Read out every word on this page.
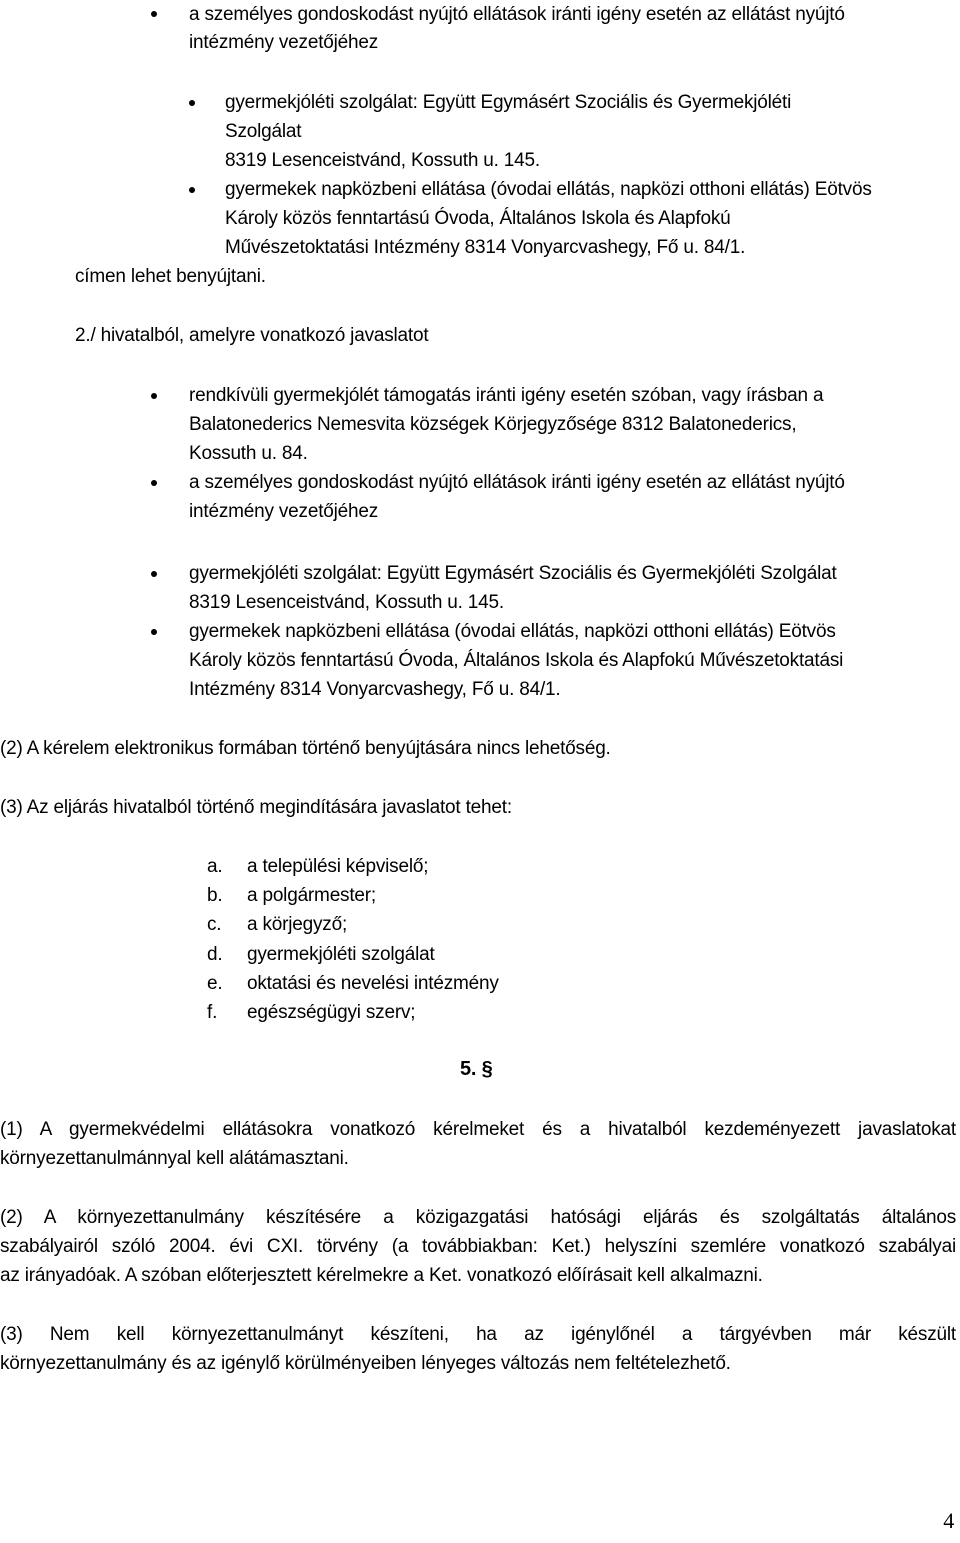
a személyes gondoskodást nyújtó ellátások iránti igény esetén az ellátást nyújtó
intézmény vezetőjéhez
gyermekjóléti szolgálat: Együtt Egymásért Szociális és Gyermekjóléti
Szolgálat
8319 Lesenceistvánd, Kossuth u. 145.
gyermekek napközbeni ellátása (óvodai ellátás, napközi otthoni ellátás) Eötvös
Károly közös fenntartású Óvoda, Általános Iskola és Alapfokú
Művészetoktatási Intézmény 8314 Vonyarcvashegy, Fő u. 84/1.
címen lehet benyújtani.
2./ hivatalból, amelyre vonatkozó javaslatot
rendkívüli gyermekjólét támogatás iránti igény esetén szóban, vagy írásban a
Balatonederics Nemesvita községek Körjegyzősége 8312 Balatonederics,
Kossuth u. 84.
a személyes gondoskodást nyújtó ellátások iránti igény esetén az ellátást nyújtó
intézmény vezetőjéhez
gyermekjóléti szolgálat: Együtt Egymásért Szociális és Gyermekjóléti Szolgálat
8319 Lesenceistvánd, Kossuth u. 145.
gyermekek napközbeni ellátása (óvodai ellátás, napközi otthoni ellátás) Eötvös
Károly közös fenntartású Óvoda, Általános Iskola és Alapfokú Művészetoktatási
Intézmény 8314 Vonyarcvashegy, Fő u. 84/1.
(2) A kérelem elektronikus formában történő benyújtására nincs lehetőség.
(3) Az eljárás hivatalból történő megindítására javaslatot tehet:
a. a települési képviselő;
b. a polgármester;
c. a körjegyző;
d. gyermekjóléti szolgálat
e. oktatási és nevelési intézmény
f. egészségügyi szerv;
5. §
(1) A gyermekvédelmi ellátásokra vonatkozó kérelmeket és a hivatalból kezdeményezett javaslatokat
környezettanulmánnyal kell alátámasztani.
(2) A környezettanulmány készítésére a közigazgatási hatósági eljárás és szolgáltatás általános
szabályairól szóló 2004. évi CXI. törvény (a továbbiakban: Ket.) helyszíni szemlére vonatkozó szabályai
az irányadóak. A szóban előterjesztett kérelmekre a Ket. vonatkozó előírásait kell alkalmazni.
(3) Nem kell környezettanulmányt készíteni, ha az igénylőnél a tárgyévben már készült
környezettanulmány és az igénylő körülményeiben lényeges változás nem feltételezhető.
4
